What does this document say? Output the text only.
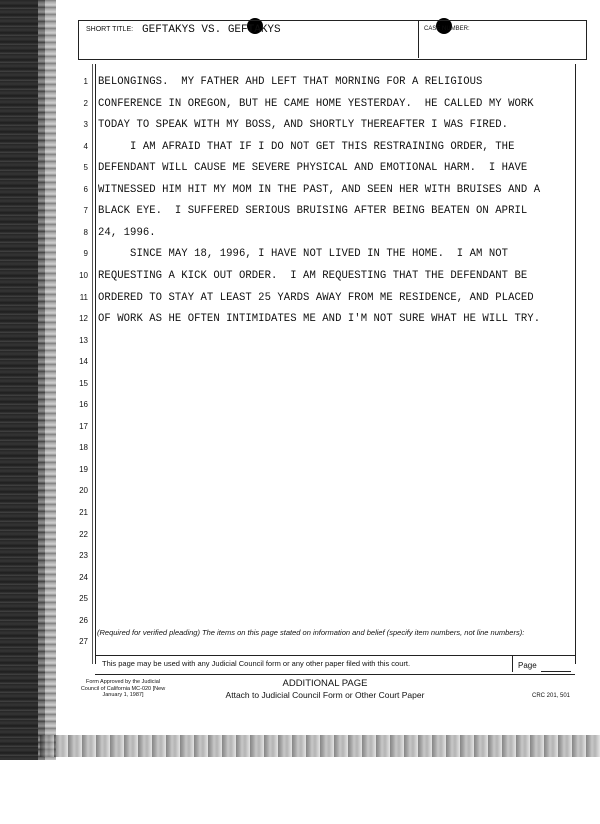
SHORT TITLE: GEFTAKYS VS. GEFTAKYS	CASE NUMBER:
1 BELONGINGS.  MY FATHER AHD LEFT THAT MORNING FOR A RELIGIOUS
2 CONFERENCE IN OREGON, BUT HE CAME HOME YESTERDAY.  HE CALLED MY WORK
3 TODAY TO SPEAK WITH MY BOSS, AND SHORTLY THEREAFTER I WAS FIRED.
4 I AM AFRAID THAT IF I DO NOT GET THIS RESTRAINING ORDER, THE
5 DEFENDANT WILL CAUSE ME SEVERE PHYSICAL AND EMOTIONAL HARM.  I HAVE
6 WITNESSED HIM HIT MY MOM IN THE PAST, AND SEEN HER WITH BRUISES AND A
7 BLACK EYE.  I SUFFERED SERIOUS BRUISING AFTER BEING BEATEN ON APRIL
8 24, 1996.
9 SINCE MAY 18, 1996, I HAVE NOT LIVED IN THE HOME.  I AM NOT
10 REQUESTING A KICK OUT ORDER.  I AM REQUESTING THAT THE DEFENDANT BE
11 ORDERED TO STAY AT LEAST 25 YARDS AWAY FROM ME RESIDENCE, AND PLACED
12 OF WORK AS HE OFTEN INTIMIDATES ME AND I'M NOT SURE WHAT HE WILL TRY.
13
14
15
16
17
18
19
20
21
22
23
24
25
26
27
(Required for verified pleading) The items on this page stated on information and belief (specify item numbers, not line numbers):
This page may be used with any Judicial Council form or any other paper filed with this court.	Page
Form Approved by the Judicial Council of California MC-020 [New January 1, 1987]
ADDITIONAL PAGE
Attach to Judicial Council Form or Other Court Paper	CRC 201, 501
